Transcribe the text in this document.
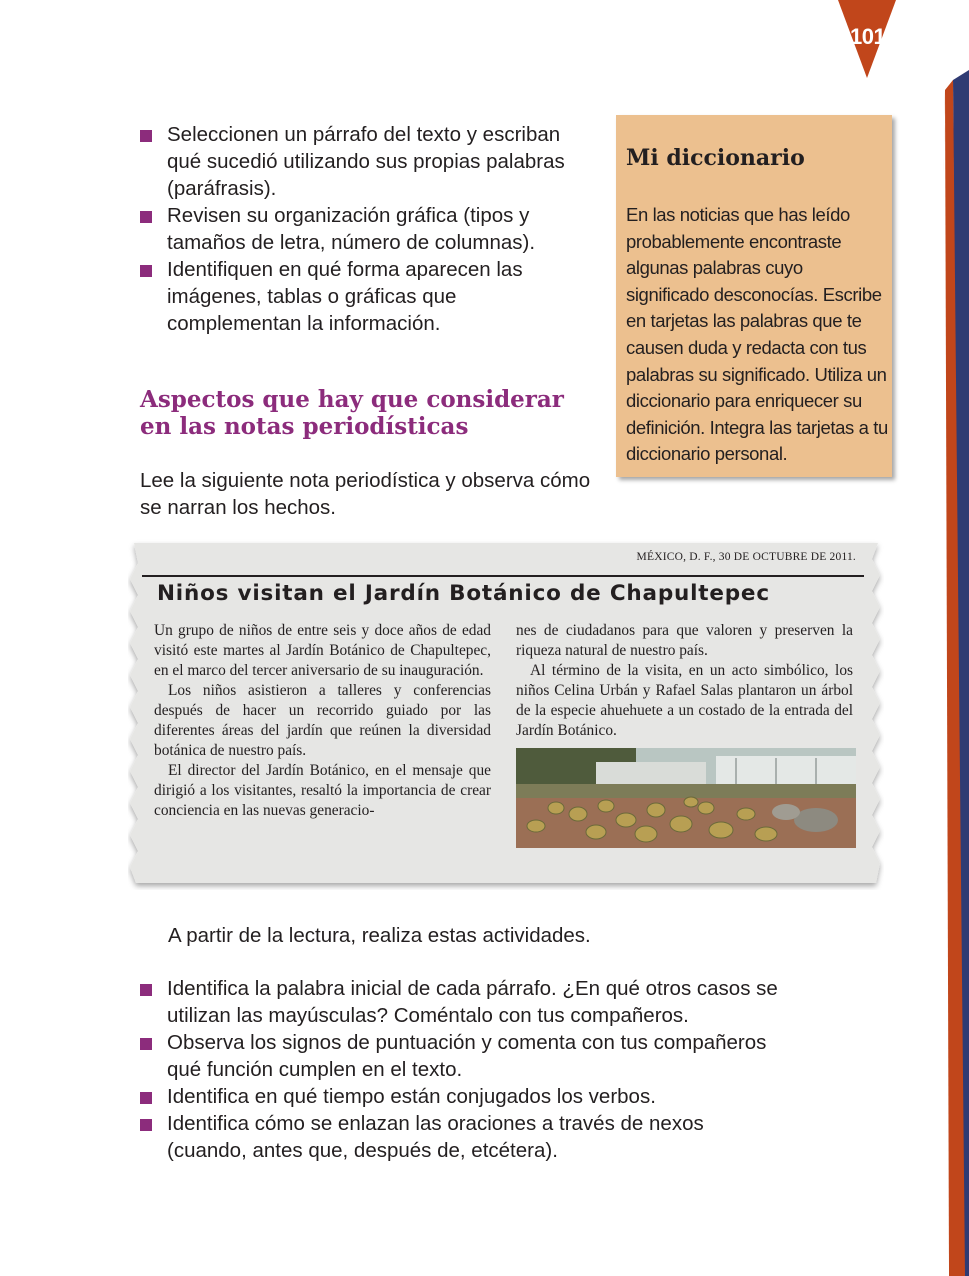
101
Seleccionen un párrafo del texto y escriban qué sucedió utilizando sus propias palabras (paráfrasis).
Revisen su organización gráfica (tipos y tamaños de letra, número de columnas).
Identifiquen en qué forma aparecen las imágenes, tablas o gráficas que complementan la información.
Aspectos que hay que considerar en las notas periodísticas

Lee la siguiente nota periodística y observa cómo se narran los hechos.

Mi diccionario

En las noticias que has leído probablemente encontraste algunas palabras cuyo significado desconocías. Escribe en tarjetas las palabras que te causen duda y redacta con tus palabras su significado. Utiliza un diccionario para enriquecer su definición. Integra las tarjetas a tu diccionario personal.

MÉXICO, D. F., 30 DE OCTUBRE DE 2011.
Niños visitan el Jardín Botánico de Chapultepec

Un grupo de niños de entre seis y doce años de edad visitó este martes al Jardín Botánico de Chapultepec, en el marco del tercer aniversario de su inauguración.

Los niños asistieron a talleres y conferencias después de hacer un recorrido guiado por las diferentes áreas del jardín que reúnen la diversidad botánica de nuestro país.

El director del Jardín Botánico, en el mensaje que dirigió a los visitantes, resaltó la importancia de crear conciencia en las nuevas generacio-

nes de ciudadanos para que valoren y preserven la riqueza natural de nuestro país.

Al término de la visita, en un acto simbólico, los niños Celina Urbán y Rafael Salas plantaron un árbol de la especie ahuehuete a un costado de la entrada del Jardín Botánico.

A partir de la lectura, realiza estas actividades.

Identifica la palabra inicial de cada párrafo. ¿En qué otros casos se utilizan las mayúsculas? Coméntalo con tus compañeros.
Observa los signos de puntuación y comenta con tus compañeros qué función cumplen en el texto.
Identifica en qué tiempo están conjugados los verbos.
Identifica cómo se enlazan las oraciones a través de nexos (cuando, antes que, después de, etcétera).
